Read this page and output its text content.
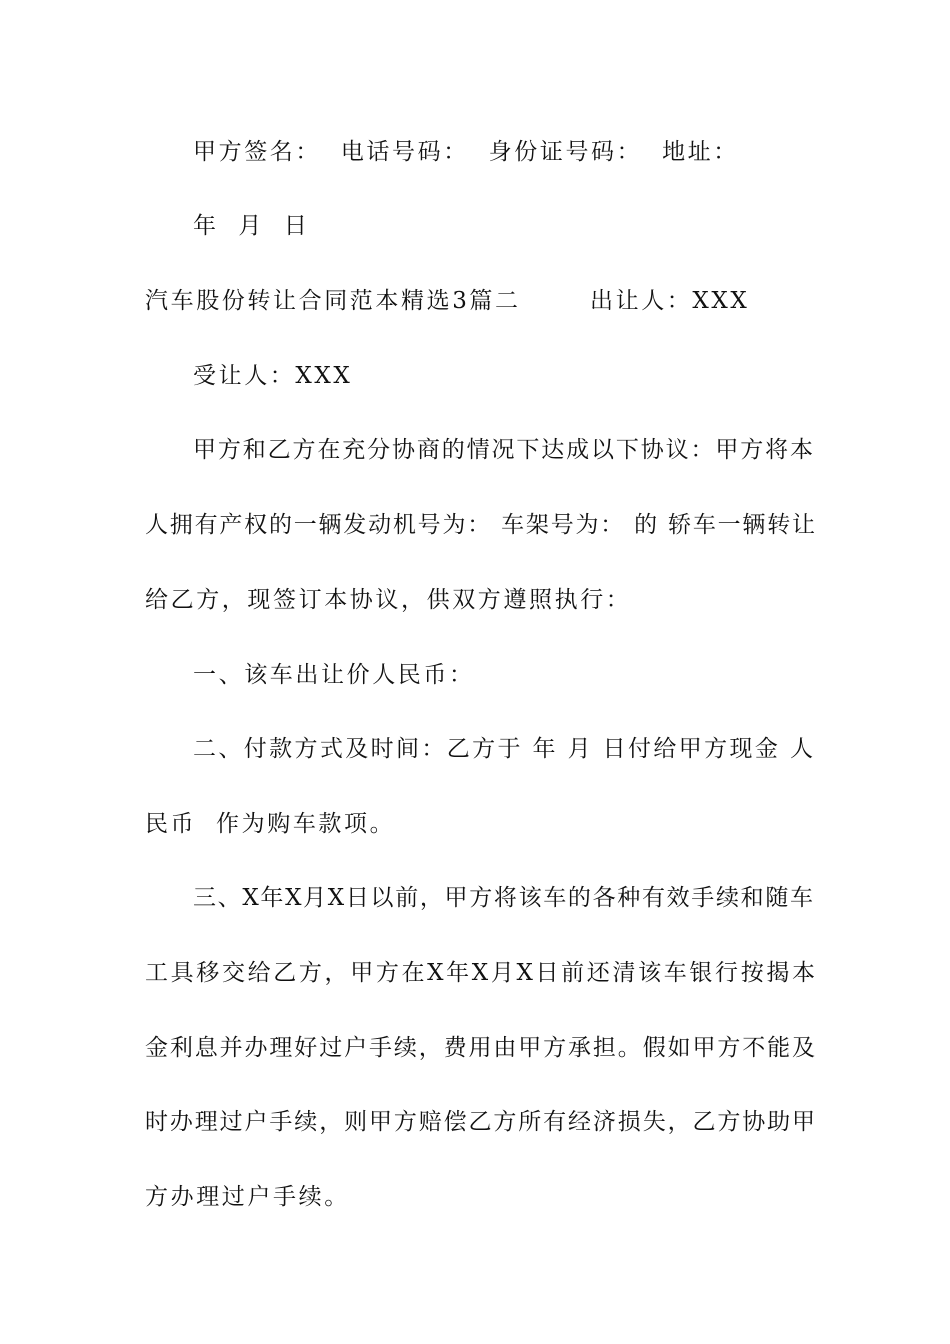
甲方签名：  电话号码：  身份证号码：  地址：
年  月  日
汽车股份转让合同范本精选3篇二       出让人：XXX
受让人：XXX
甲方和乙方在充分协商的情况下达成以下协议：甲方将本
人拥有产权的一辆发动机号为： 车架号为： 的 轿车一辆转让
给乙方，现签订本协议，供双方遵照执行：
一、该车出让价人民币：
二、付款方式及时间：乙方于 年 月 日付给甲方现金 人
民币  作为购车款项。
三、X年X月X日以前，甲方将该车的各种有效手续和随车
工具移交给乙方，甲方在X年X月X日前还清该车银行按揭本
金利息并办理好过户手续，费用由甲方承担。假如甲方不能及
时办理过户手续，则甲方赔偿乙方所有经济损失，乙方协助甲
方办理过户手续。
